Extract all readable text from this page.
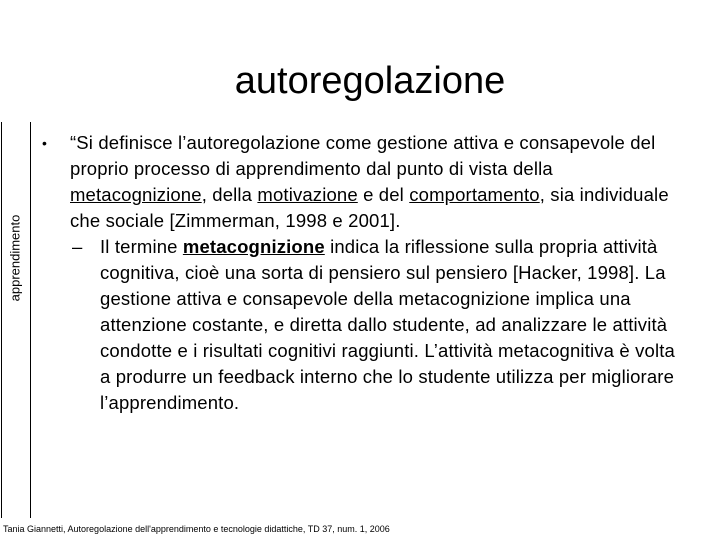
autoregolazione
apprendimento
•	“Si definisce l’autoregolazione come gestione attiva e consapevole del proprio processo di apprendimento dal punto di vista della metacognizione, della motivazione e del comportamento, sia individuale che sociale [Zimmerman, 1998 e 2001].
– Il termine metacognizione indica la riflessione sulla propria attività cognitiva, cioè una sorta di pensiero sul pensiero [Hacker, 1998]. La gestione attiva e consapevole della metacognizione implica una attenzione costante, e diretta dallo studente, ad analizzare le attività condotte e i risultati cognitivi raggiunti. L’attività metacognitiva è volta a produrre un feedback interno che lo studente utilizza per migliorare l’apprendimento.
Tania Giannetti, Autoregolazione dell'apprendimento e tecnologie didattiche, TD 37, num. 1, 2006
